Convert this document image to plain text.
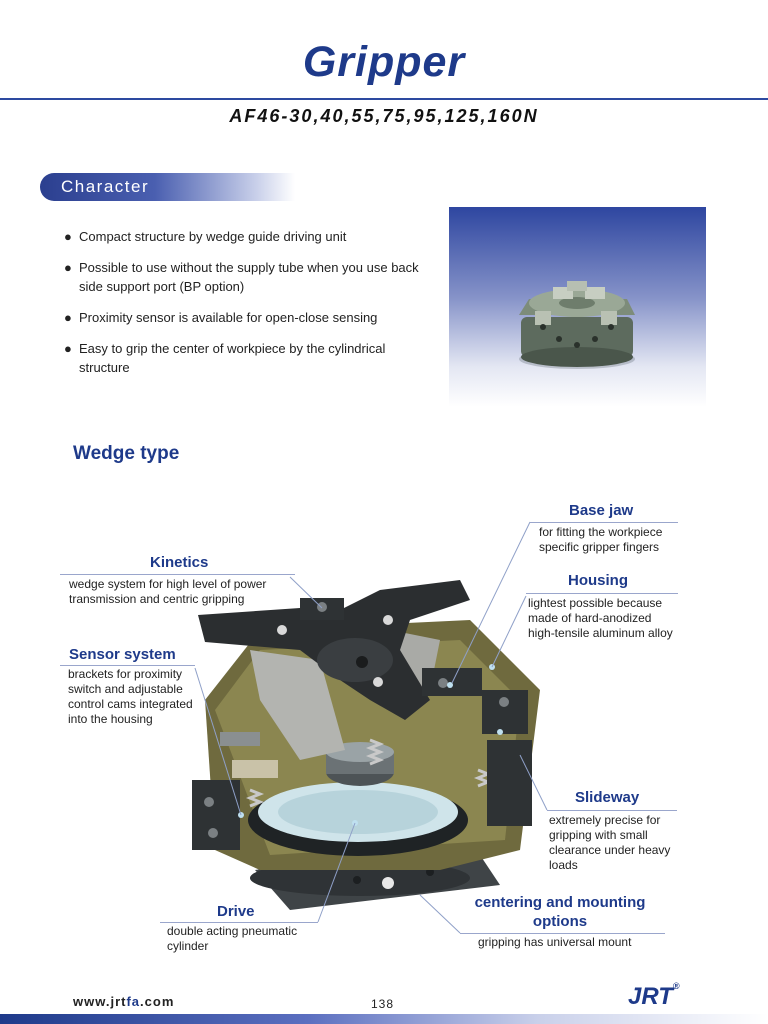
Gripper
AF46-30,40,55,75,95,125,160N
Character
● Compact structure by wedge guide driving unit
● Possible to use without the supply tube when you use back side support port (BP option)
● Proximity sensor is available for open-close sensing
● Easy to grip the center of workpiece by the cylindrical structure
Wedge type
Base jaw
for fitting the workpiece specific gripper fingers
Kinetics
wedge system for high level of power transmission and centric gripping
Housing
lightest possible because made of hard-anodized high-tensile aluminum alloy
Sensor system
brackets for proximity switch and adjustable control cams integrated into the housing
Slideway
extremely precise for gripping with small clearance under heavy loads
centering and mounting options
gripping has universal mount
Drive
double acting pneumatic cylinder
www.jrtfa.com	138	JRT®
